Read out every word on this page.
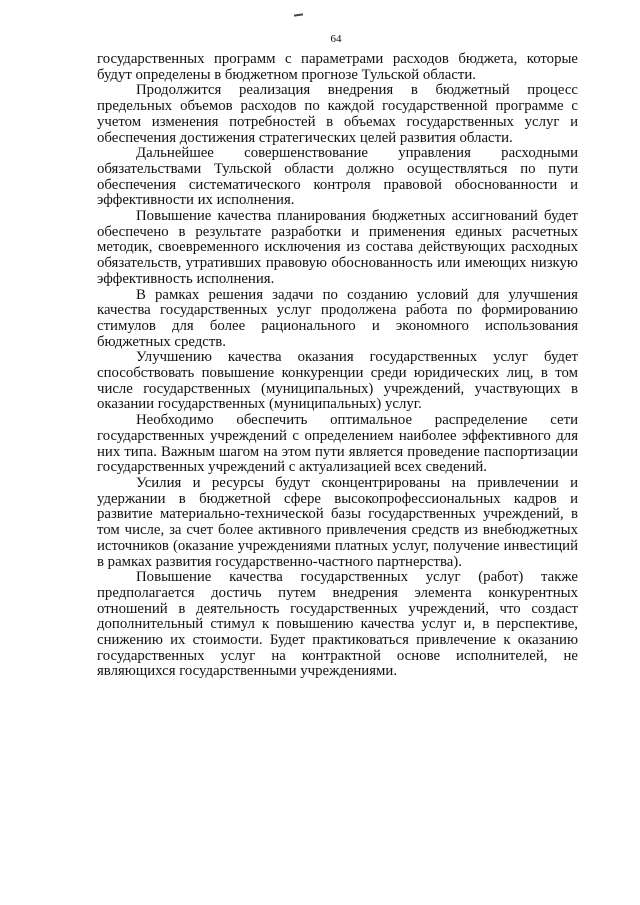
64

государственных программ с параметрами расходов бюджета, которые будут определены в бюджетном прогнозе Тульской области.

Продолжится реализация внедрения в бюджетный процесс предельных объемов расходов по каждой государственной программе с учетом изменения потребностей в объемах государственных услуг и обеспечения достижения стратегических целей развития области.

Дальнейшее совершенствование управления расходными обязательствами Тульской области должно осуществляться по пути обеспечения систематического контроля правовой обоснованности и эффективности их исполнения.

Повышение качества планирования бюджетных ассигнований будет обеспечено в результате разработки и применения единых расчетных методик, своевременного исключения из состава действующих расходных обязательств, утративших правовую обоснованность или имеющих низкую эффективность исполнения.

В рамках решения задачи по созданию условий для улучшения качества государственных услуг продолжена работа по формированию стимулов для более рационального и экономного использования бюджетных средств.

Улучшению качества оказания государственных услуг будет способствовать повышение конкуренции среди юридических лиц, в том числе государственных (муниципальных) учреждений, участвующих в оказании государственных (муниципальных) услуг.

Необходимо обеспечить оптимальное распределение сети государственных учреждений с определением наиболее эффективного для них типа. Важным шагом на этом пути является проведение паспортизации государственных учреждений с актуализацией всех сведений.

Усилия и ресурсы будут сконцентрированы на привлечении и удержании в бюджетной сфере высокопрофессиональных кадров и развитие материально-технической базы государственных учреждений, в том числе, за счет более активного привлечения средств из внебюджетных источников (оказание учреждениями платных услуг, получение инвестиций в рамках развития государственно-частного партнерства).

Повышение качества государственных услуг (работ) также предполагается достичь путем внедрения элемента конкурентных отношений в деятельность государственных учреждений, что создаст дополнительный стимул к повышению качества услуг и, в перспективе, снижению их стоимости. Будет практиковаться привлечение к оказанию государственных услуг на контрактной основе исполнителей, не являющихся государственными учреждениями.
